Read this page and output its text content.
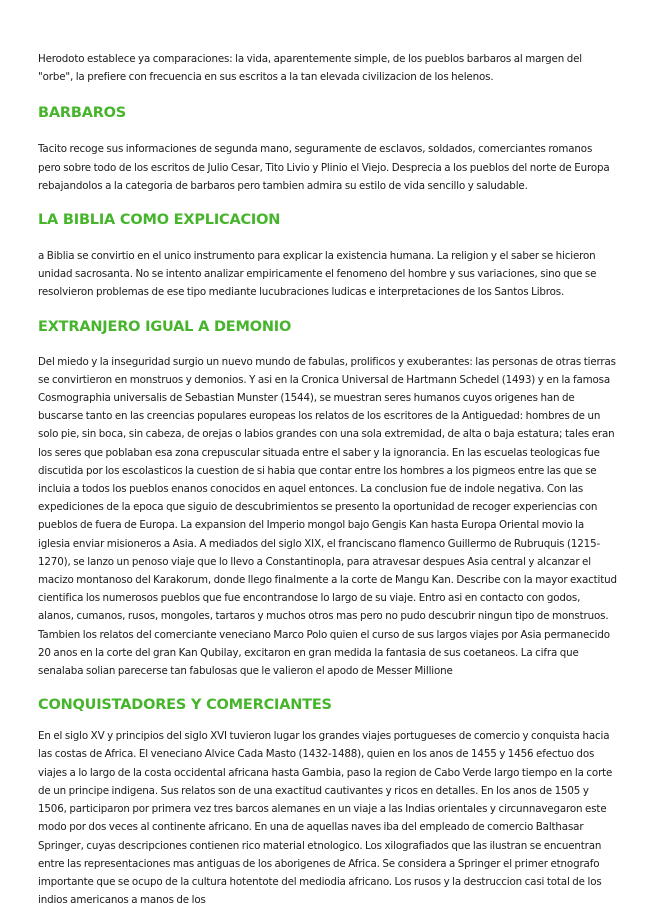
Herodoto establece ya comparaciones: la vida, aparentemente simple, de los pueblos barbaros al margen del "orbe", la prefiere con frecuencia en sus escritos a la tan elevada civilizacion de los helenos.

BARBAROS

Tacito recoge sus informaciones de segunda mano, seguramente de esclavos, soldados, comerciantes romanos pero sobre todo de los escritos de Julio Cesar, Tito Livio y Plinio el Viejo. Desprecia a los pueblos del norte de Europa rebajandolos a la categoria de barbaros pero tambien admira su estilo de vida sencillo y saludable.

LA BIBLIA COMO EXPLICACION

a Biblia se convirtio en el unico instrumento para explicar la existencia humana. La religion y el saber se hicieron unidad sacrosanta. No se intento analizar empiricamente el fenomeno del hombre y sus variaciones, sino que se resolvieron problemas de ese tipo mediante lucubraciones ludicas e interpretaciones de los Santos Libros.

EXTRANJERO IGUAL A DEMONIO

Del miedo y la inseguridad surgio un nuevo mundo de fabulas, prolificos y exuberantes: las personas de otras tierras se convirtieron en monstruos y demonios. Y asi en la Cronica Universal de Hartmann Schedel (1493) y en la famosa Cosmographia universalis de Sebastian Munster (1544), se muestran seres humanos cuyos origenes han de buscarse tanto en las creencias populares europeas los relatos de los escritores de la Antiguedad: hombres de un solo pie, sin boca, sin cabeza, de orejas o labios grandes con una sola extremidad, de alta o baja estatura; tales eran los seres que poblaban esa zona crepuscular situada entre el saber y la ignorancia. En las escuelas teologicas fue discutida por los escolasticos la cuestion de si habia que contar entre los hombres a los pigmeos entre las que se incluia a todos los pueblos enanos conocidos en aquel entonces. La conclusion fue de indole negativa. Con las expediciones de la epoca que siguio de descubrimientos se presento la oportunidad de recoger experiencias con pueblos de fuera de Europa. La expansion del Imperio mongol bajo Gengis Kan hasta Europa Oriental movio la iglesia enviar misioneros a Asia. A mediados del siglo XIX, el franciscano flamenco Guillermo de Rubruquis (1215-1270), se lanzo un penoso viaje que lo llevo a Constantinopla, para atravesar despues Asia central y alcanzar el macizo montanoso del Karakorum, donde llego finalmente a la corte de Mangu Kan. Describe con la mayor exactitud cientifica los numerosos pueblos que fue encontrandose lo largo de su viaje. Entro asi en contacto con godos, alanos, cumanos, rusos, mongoles, tartaros y muchos otros mas pero no pudo descubrir ningun tipo de monstruos. Tambien los relatos del comerciante veneciano Marco Polo quien el curso de sus largos viajes por Asia permanecido 20 anos en la corte del gran Kan Qubilay, excitaron en gran medida la fantasia de sus coetaneos. La cifra que senalaba solian parecerse tan fabulosas que le valieron el apodo de Messer Millione

CONQUISTADORES Y COMERCIANTES

En el siglo XV y principios del siglo XVI tuvieron lugar los grandes viajes portugueses de comercio y conquista hacia las costas de Africa. El veneciano Alvice Cada Masto (1432-1488), quien en los anos de 1455 y 1456 efectuo dos viajes a lo largo de la costa occidental africana hasta Gambia, paso la region de Cabo Verde largo tiempo en la corte de un principe indigena. Sus relatos son de una exactitud cautivantes y ricos en detalles. En los anos de 1505 y 1506, participaron por primera vez tres barcos alemanes en un viaje a las Indias orientales y circunnavegaron este modo por dos veces al continente africano. En una de aquellas naves iba del empleado de comercio Balthasar Springer, cuyas descripciones contienen rico material etnologico. Los xilografiados que las ilustran se encuentran entre las representaciones mas antiguas de los aborigenes de Africa. Se considera a Springer el primer etnografo importante que se ocupo de la cultura hotentote del mediodia africano. Los rusos y la destruccion casi total de los indios americanos a manos de los
